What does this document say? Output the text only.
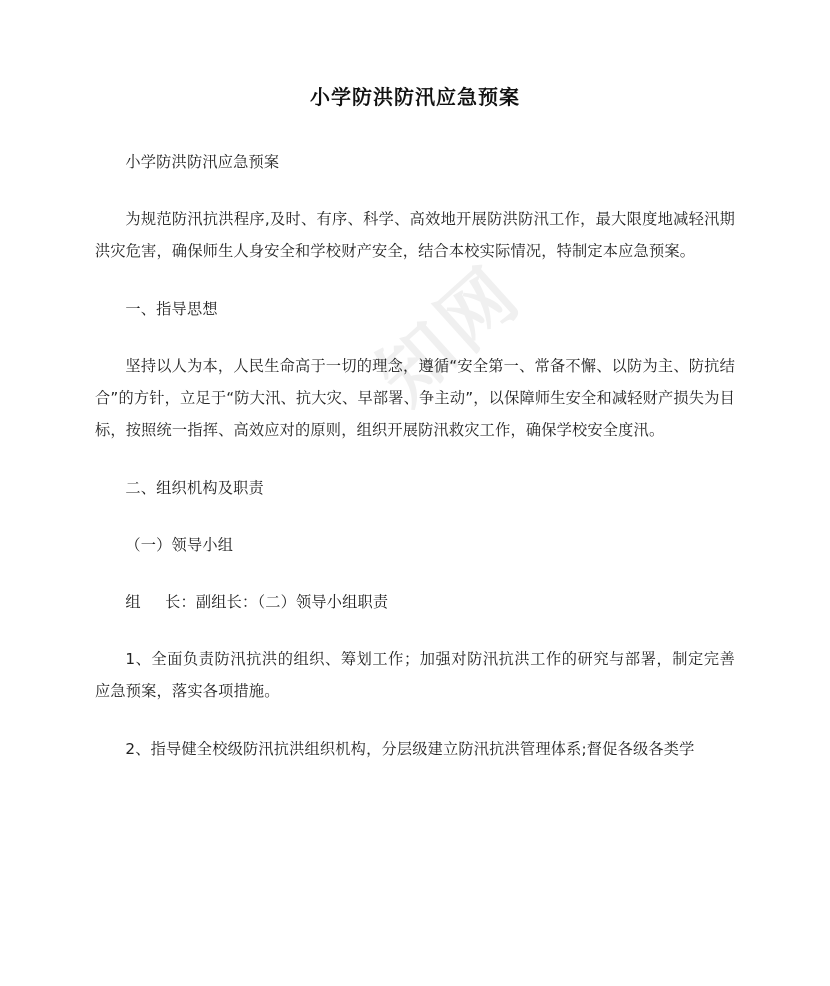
知网
小学防洪防汛应急预案

小学防洪防汛应急预案

为规范防汛抗洪程序,及时、有序、科学、高效地开展防洪防汛工作，最大限度地减轻汛期洪灾危害，确保师生人身安全和学校财产安全，结合本校实际情况，特制定本应急预案。

一、指导思想

坚持以人为本，人民生命高于一切的理念，遵循“安全第一、常备不懈、以防为主、防抗结合”的方针，立足于“防大汛、抗大灾、早部署、争主动”，以保障师生安全和减轻财产损失为目标，按照统一指挥、高效应对的原则，组织开展防汛救灾工作，确保学校安全度汛。

二、组织机构及职责

（一）领导小组

组 长：副组长：（二）领导小组职责

1、全面负责防汛抗洪的组织、筹划工作；加强对防汛抗洪工作的研究与部署，制定完善应急预案，落实各项措施。

2、指导健全校级防汛抗洪组织机构，分层级建立防汛抗洪管理体系;督促各级各类学
